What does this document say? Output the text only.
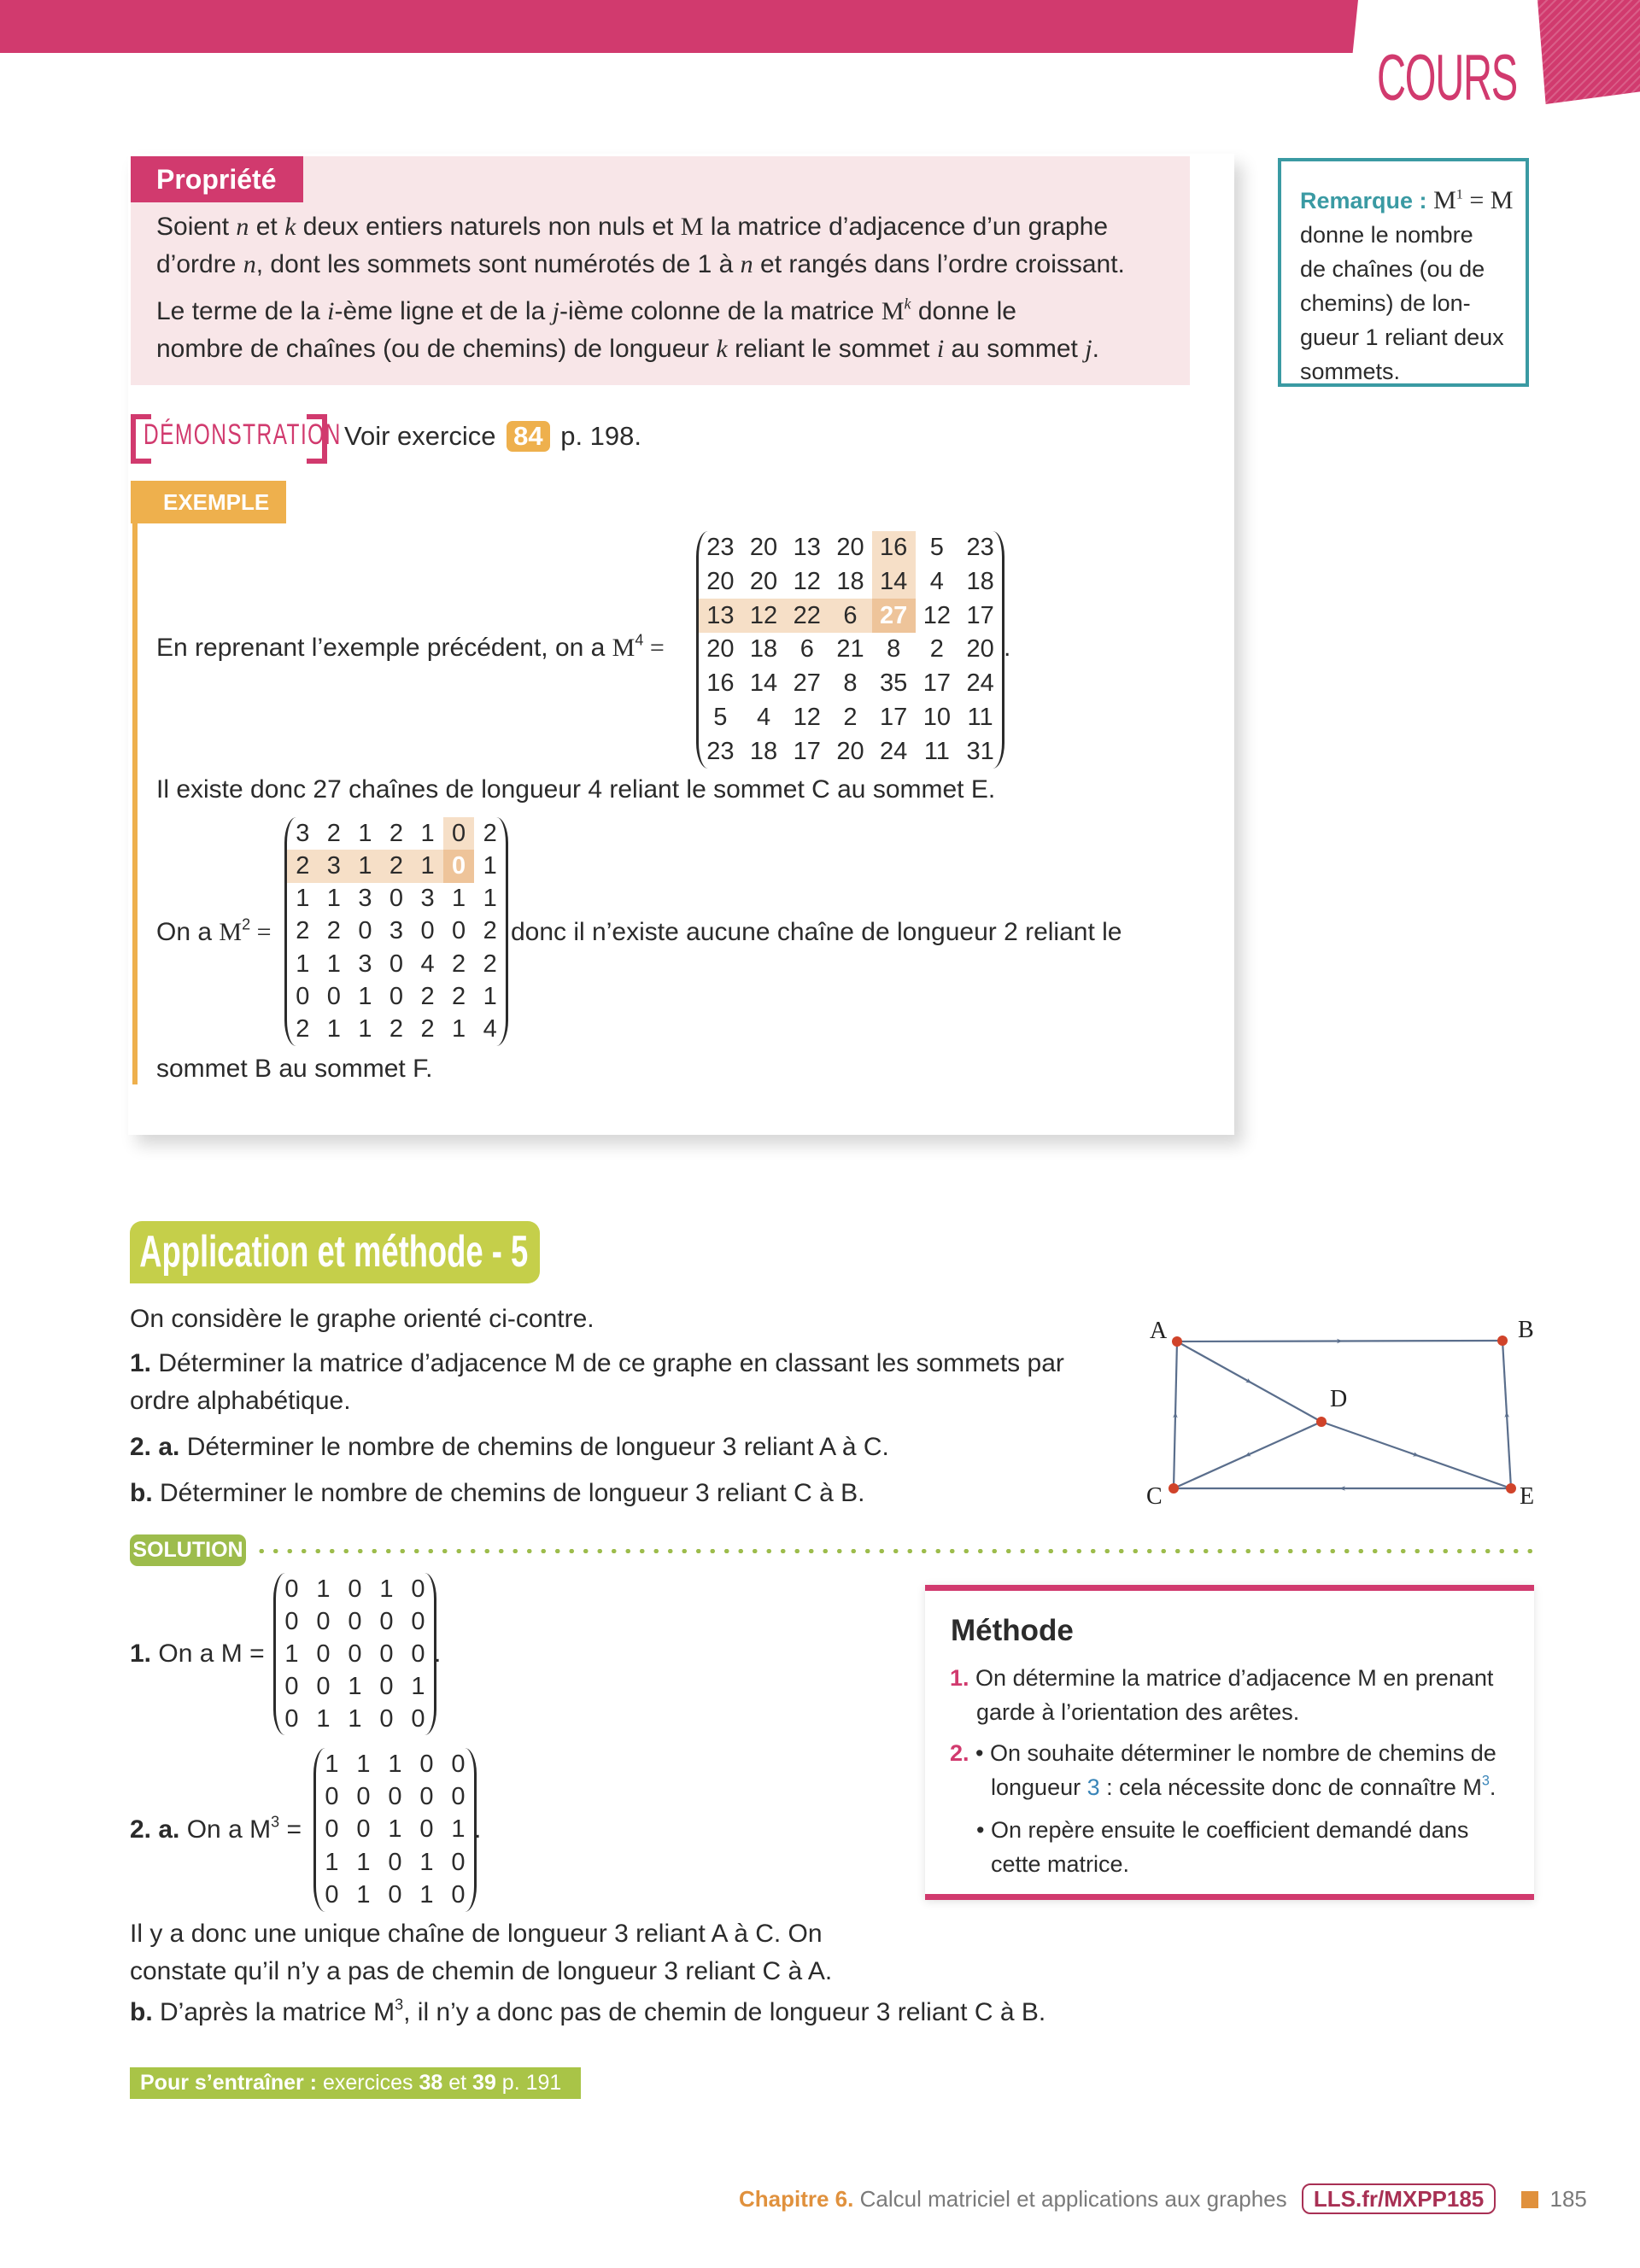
COURS
Propriété
Soient n et k deux entiers naturels non nuls et M la matrice d’adjacence d’un graphe
d’ordre n, dont les sommets sont numérotés de 1 à n et rangés dans l’ordre croissant.
Le terme de la i-ème ligne et de la j-ième colonne de la matrice $M^k$ donne le
nombre de chaînes (ou de chemins) de longueur k reliant le sommet i au sommet j.
Remarque : $M^1 = M$
donne le nombre
de chaînes (ou de
chemins) de lon-
gueur 1 reliant deux
sommets.
DÉMONSTRATION Voir exercice 84 p. 198.
EXEMPLE
En reprenant l’exemple précédent, on a $M^4$ =
23	20	13	20	16	5	23
20	20	12	18	14	4	18
13	12	22	6	27	12	17
20	18	6	21	8	2	20
16	14	27	8	35	17	24
5	4	12	2	17	10	11
23	18	17	20	24	11	31
.
Il existe donc 27 chaînes de longueur 4 reliant le sommet C au sommet E.
On a $M^2$ =
3	2	1	2	1	0	2
2	3	1	2	1	0	1
1	1	3	0	3	1	1
2	2	0	3	0	0	2
1	1	3	0	4	2	2
0	0	1	0	2	2	1
2	1	1	2	2	1	4
donc il n’existe aucune chaîne de longueur 2 reliant le
sommet B au sommet F.
Application et méthode - 5
On considère le graphe orienté ci-contre.
1. Déterminer la matrice d’adjacence M de ce graphe en classant les sommets par
ordre alphabétique.
2. a. Déterminer le nombre de chemins de longueur 3 reliant A à C.
b. Déterminer le nombre de chemins de longueur 3 reliant C à B.
A	B
C
D
E
SOLUTION
1. On a M =
0	1	0	1	0
0	0	0	0	0
1	0	0	0	0
0	0	1	0	1
0	1	1	0	0
.
2. a. On a $M^3$ =
1	1	1	0	0
0	0	0	0	0
0	0	1	0	1
1	1	0	1	0
0	1	0	1	0
.
Il y a donc une unique chaîne de longueur 3 reliant A à C. On
constate qu’il n’y a pas de chemin de longueur 3 reliant C à A.
b. D’après la matrice $M^3$, il n’y a donc pas de chemin de longueur 3 reliant C à B.
Méthode
1. On détermine la matrice d’adjacence M en prenant
garde à l’orientation des arêtes.
2. • On souhaite déterminer le nombre de chemins de
longueur 3 : cela nécessite donc de connaître $M^3$.
• On repère ensuite le coefficient demandé dans
cette matrice.
Pour s’entraîner : exercices 38 et 39 p. 191
Chapitre 6. Calcul matriciel et applications aux graphes LLS.fr/MXPP185	185
